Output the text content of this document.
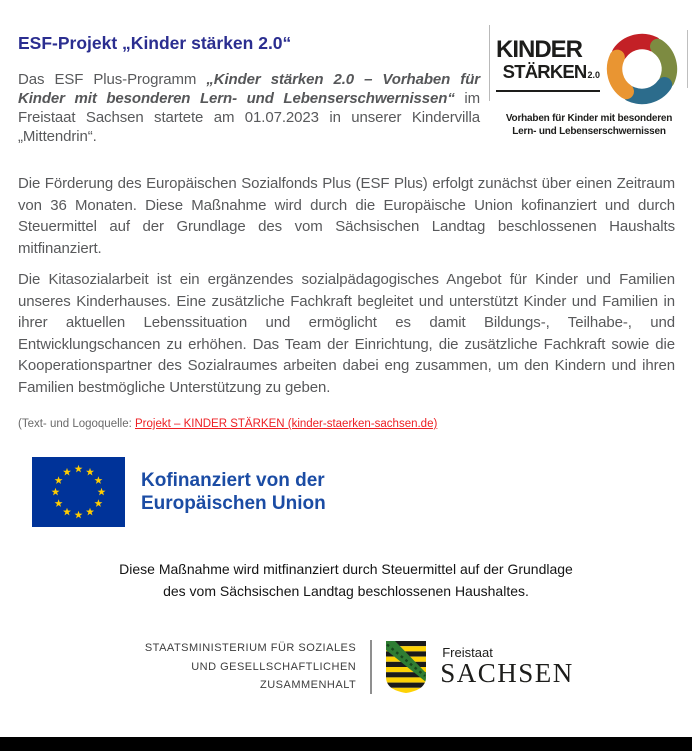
ESF-Projekt „Kinder stärken 2.0“	KINDER
STÄRKEN2.0
Vorhaben für Kinder mit besonderen
Lern- und Lebenserschwernissen

Das ESF Plus-Programm „Kinder stärken 2.0 – Vorhaben für Kinder mit besonderen Lern- und Lebenserschwernissen“ im Freistaat Sachsen startete am 01.07.2023 in unserer Kindervilla „Mittendrin“.

Die Förderung des Europäischen Sozialfonds Plus (ESF Plus) erfolgt zunächst über einen Zeitraum von 36 Monaten. Diese Maßnahme wird durch die Europäische Union kofinanziert und durch Steuermittel auf der Grundlage des vom Sächsischen Landtag beschlossenen Haushalts mitfinanziert.

Die Kitasozialarbeit ist ein ergänzendes sozialpädagogisches Angebot für Kinder und Familien unseres Kinderhauses. Eine zusätzliche Fachkraft begleitet und unterstützt Kinder und Familien in ihrer aktuellen Lebenssituation und ermöglicht es damit Bildungs-, Teilhabe-, und Entwicklungschancen zu erhöhen. Das Team der Einrichtung, die zusätzliche Fachkraft sowie die Kooperationspartner des Sozialraumes arbeiten dabei eng zusammen, um den Kindern und ihren Familien bestmögliche Unterstützung zu geben.

(Text- und Logoquelle: Projekt – KINDER STÄRKEN (kinder-staerken-sachsen.de)

Kofinanziert von der
Europäischen Union

Diese Maßnahme wird mitfinanziert durch Steuermittel auf der Grundlage des vom Sächsischen Landtag beschlossenen Haushaltes.

STAATSMINISTERIUM FÜR SOZIALES
UND GESELLSCHAFTLICHEN
ZUSAMMENHALT
Freistaat
SACHSEN
